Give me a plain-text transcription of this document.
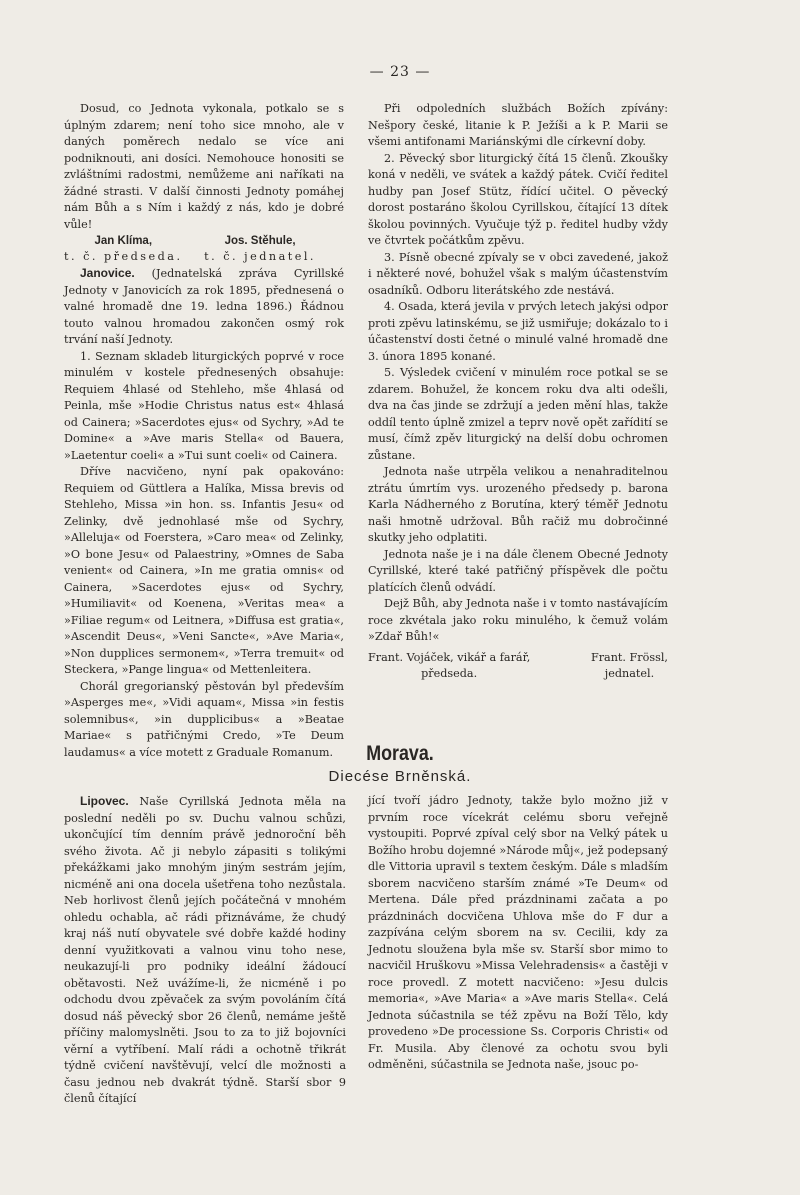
— 23 —

Dosud, co Jednota vykonala, potkalo se s úplným zdarem; není toho sice mnoho, ale v daných poměrech nedalo se více ani podniknouti, ani dosíci. Nemohouce honositi se zvláštními radostmi, nemůžeme ani naříkati na žádné strasti. V další činnosti Jednoty pomáhej nám Bůh a s Ním i každý z nás, kdo je dobré vůle!

Jan Klíma,
t. č. předseda.
Jos. Stěhule,
t. č. jednatel.

Janovice. (Jednatelská zpráva Cyrillské Jednoty v Janovicích za rok 1895, přednesená o valné hromadě dne 19. ledna 1896.) Řádnou touto valnou hromadou zakončen osmý rok trvání naší Jednoty.

1. Seznam skladeb liturgických poprvé v roce minulém v kostele přednesených obsahuje: Requiem 4hlasé od Stehleho, mše 4hlasá od Peinla, mše »Hodie Christus natus est« 4hlasá od Cainera; »Sacerdotes ejus« od Sychry, »Ad te Domine« a »Ave maris Stella« od Bauera, »Laetentur coeli« a »Tui sunt coeli« od Cainera.

Dříve nacvičeno, nyní pak opakováno: Requiem od Güttlera a Halíka, Missa brevis od Stehleho, Missa »in hon. ss. Infantis Jesu« od Zelinky, dvě jednohlasé mše od Sychry, »Alleluja« od Foerstera, »Caro mea« od Zelinky, »O bone Jesu« od Palaestriny, »Omnes de Saba venient« od Cainera, »In me gratia omnis« od Cainera, »Sacerdotes ejus« od Sychry, »Humiliavit« od Koenena, »Veritas mea« a »Filiae regum« od Leitnera, »Diffusa est gratia«, »Ascendit Deus«, »Veni Sancte«, »Ave Maria«, »Non dupplices sermonem«, »Terra tremuit« od Steckera, »Pange lingua« od Mettenleitera.

Chorál gregorianský pěstován byl především »Asperges me«, »Vidi aquam«, Missa »in festis solemnibus«, »in dupplicibus« a »Beatae Mariae« s patřičnými Credo, »Te Deum laudamus« a více motett z Graduale Romanum.

Při odpoledních službách Božích zpívány: Nešpory české, litanie k P. Ježíši a k P. Marii se všemi antifonami Mariánskými dle církevní doby.

2. Pěvecký sbor liturgický čítá 15 členů. Zkoušky koná v neděli, ve svátek a každý pátek. Cvičí ředitel hudby pan Josef Stütz, řídící učitel. O pěvecký dorost postaráno školou Cyrillskou, čítající 13 dítek školou povinných. Vyučuje týž p. ředitel hudby vždy ve čtvrtek počátkům zpěvu.

3. Písně obecné zpívaly se v obci zavedené, jakož i některé nové, bohužel však s malým účastenstvím osadníků. Odboru literátského zde nestává.

4. Osada, která jevila v prvých letech jakýsi odpor proti zpěvu latinskému, se již usmiřuje; dokázalo to i účastenství dosti četné o minulé valné hromadě dne 3. února 1895 konané.

5. Výsledek cvičení v minulém roce potkal se se zdarem. Bohužel, že koncem roku dva alti odešli, dva na čas jinde se zdržují a jeden mění hlas, takže oddíl tento úplně zmizel a teprv nově opět zařídití se musí, čímž zpěv liturgický na delší dobu ochromen zůstane.

Jednota naše utrpěla velikou a nenahraditelnou ztrátu úmrtím vys. urozeného předsedy p. barona Karla Nádherného z Borutína, který téměř Jednotu naši hmotně udržoval. Bůh račiž mu dobročinné skutky jeho odplatiti.

Jednota naše je i na dále členem Obecné Jednoty Cyrillské, které také patřičný příspěvek dle počtu platících členů odvádí.

Dejž Bůh, aby Jednota naše i v tomto nastávajícím roce zkvétala jako roku minulého, k čemuž volám »Zdař Bůh!«

Frant. Vojáček, vikář a farář,
předseda.
Frant. Frössl,
jednatel.
Morava.
Diecése Brněnská.

Lipovec. Naše Cyrillská Jednota měla na poslední neděli po sv. Duchu valnou schůzi, ukončující tím denním právě jednoroční běh svého života. Ač ji nebylo zápasiti s tolikými překážkami jako mnohým jiným sestrám jejím, nicméně ani ona docela ušetřena toho nezůstala. Neb horlivost členů jejích počátečná v mnohém ohledu ochabla, ač rádi přiznáváme, že chudý kraj náš nutí obyvatele své dobře každé hodiny denní využitkovati a valnou vinu toho nese, neukazují-li pro podniky ideální žádoucí obětavosti. Než uvážíme-li, že nicméně i po odchodu dvou zpěvaček za svým povoláním čítá dosud náš pěvecký sbor 26 členů, nemáme ještě příčiny malomyslněti. Jsou to za to již bojovníci věrní a vytříbení. Malí rádi a ochotně třikrát týdně cvičení navštěvují, velcí dle možnosti a času jednou neb dvakrát týdně. Starší sbor 9 členů čítající

jící tvoří jádro Jednoty, takže bylo možno již v prvním roce vícekrát celému sboru veřejně vystoupiti. Poprvé zpíval celý sbor na Velký pátek u Božího hrobu dojemné »Národe můj«, jež podepsaný dle Vittoria upravil s textem českým. Dále s mladším sborem nacvičeno starším známé »Te Deum« od Mertena. Dále před prázdninami začata a po prázdninách docvičena Uhlova mše do F dur a zazpívána celým sborem na sv. Cecilii, kdy za Jednotu sloužena byla mše sv. Starší sbor mimo to nacvičil Hruškovu »Missa Velehradensis« a častěji v roce provedl. Z motett nacvičeno: »Jesu dulcis memoria«, »Ave Maria« a »Ave maris Stella«. Celá Jednota súčastnila se též zpěvu na Boží Tělo, kdy provedeno »De processione Ss. Corporis Christi« od Fr. Musila. Aby členové za ochotu svou byli odměněni, súčastnila se Jednota naše, jsouc po-
